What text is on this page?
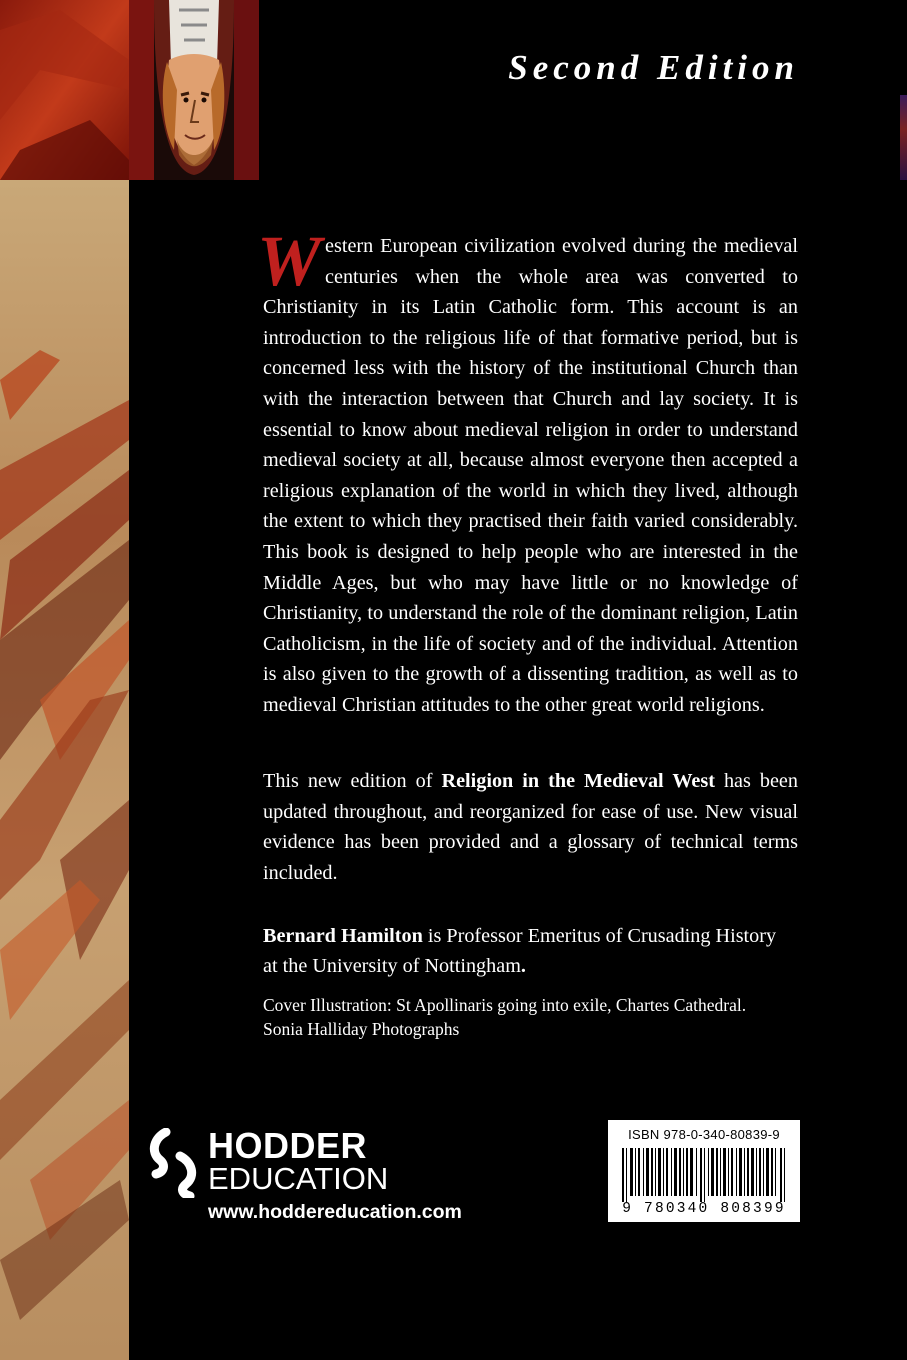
Second Edition
Western European civilization evolved during the medieval centuries when the whole area was converted to Christianity in its Latin Catholic form. This account is an introduction to the religious life of that formative period, but is concerned less with the history of the institutional Church than with the interaction between that Church and lay society. It is essential to know about medieval religion in order to understand medieval society at all, because almost everyone then accepted a religious explanation of the world in which they lived, although the extent to which they practised their faith varied considerably. This book is designed to help people who are interested in the Middle Ages, but who may have little or no knowledge of Christianity, to understand the role of the dominant religion, Latin Catholicism, in the life of society and of the individual. Attention is also given to the growth of a dissenting tradition, as well as to medieval Christian attitudes to the other great world religions.
This new edition of Religion in the Medieval West has been updated throughout, and reorganized for ease of use. New visual evidence has been provided and a glossary of technical terms included.
Bernard Hamilton is Professor Emeritus of Crusading History at the University of Nottingham.
Cover Illustration: St Apollinaris going into exile, Chartes Cathedral. Sonia Halliday Photographs
HODDER
EDUCATION
www.hoddereducation.com
ISBN 978-0-340-80839-9
9 780340 808399
